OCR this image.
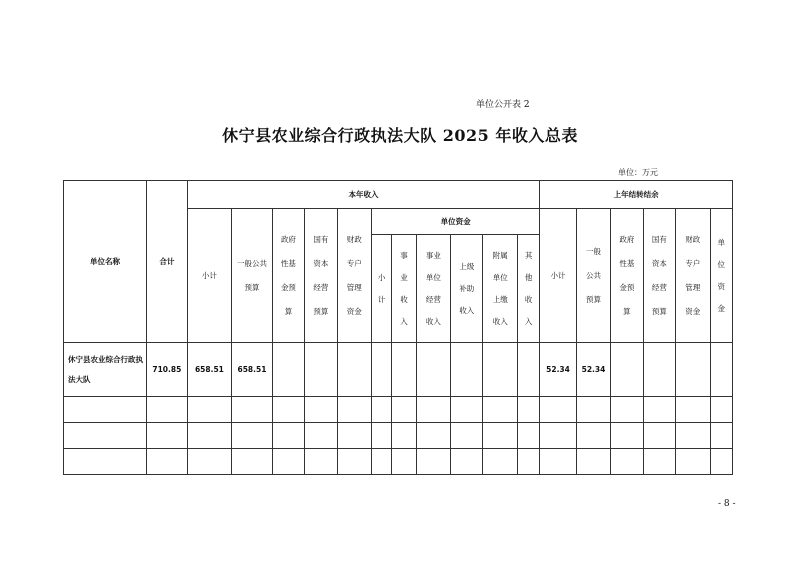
单位公开表 2
休宁县农业综合行政执法大队 2025 年收入总表
单位：万元
单位名称	合计	本年收入											上年结转结余					
		小计	一般公共预算	政府性基金预算	国有资本经营预算	财政专户管理资金	单位资金						小计	一般公共预算	政府性基金预算	国有资本经营预算	财政专户管理资金	单位资金

							小计	事业收入	事业单位经营收入	上级补助收入	附属单位上缴收入	其他收入						

休宁县农业综合行政执法大队	710.85	658.51	658.51										52.34	52.34				

- 8 -
